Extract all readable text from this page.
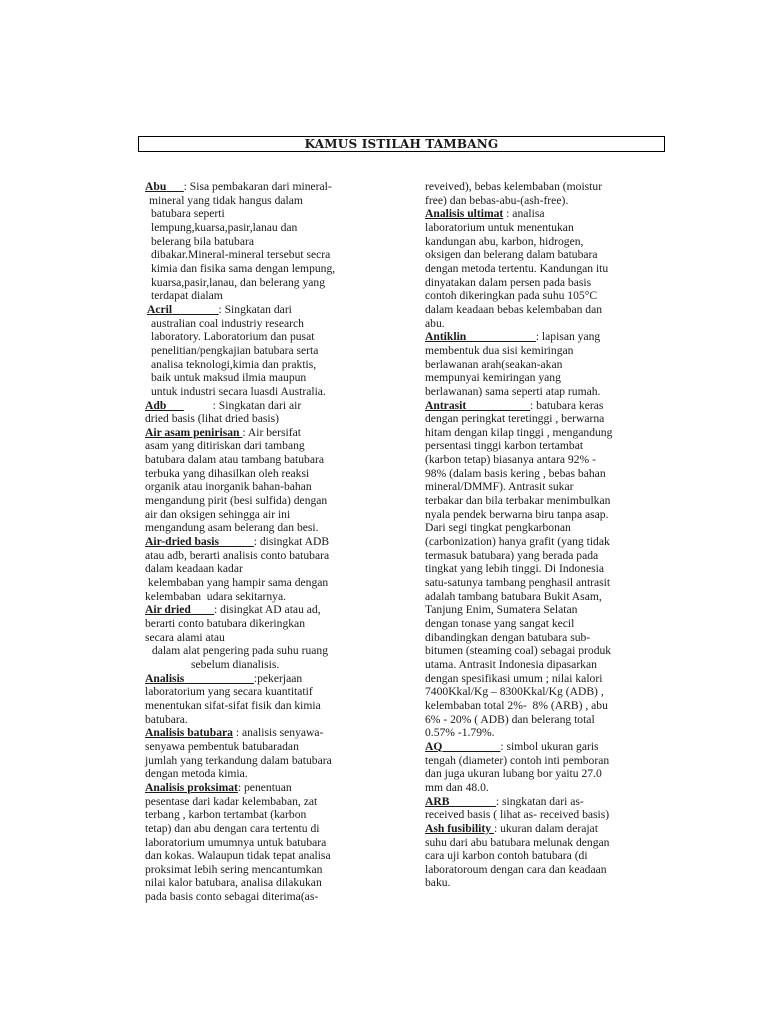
KAMUS ISTILAH TAMBANG
Abu___: Sisa pembakaran dari mineral-
mineral yang tidak hangus dalam
batubara seperti
lempung,kuarsa,pasir,lanau dan
belerang bila batubara
dibakar.Mineral-mineral tersebut secra
kimia dan fisika sama dengan lempung,
kuarsa,pasir,lanau, dan belerang yang
terdapat dialam
Acril________: Singkatan dari
australian coal industriy research
laboratory. Laboratorium dan pusat
penelitian/pengkajian batubara serta
analisa teknologi,kimia dan praktis,
baik untuk maksud ilmia maupun
untuk industri secara luasdi Australia.
Adb___          : Singkatan dari air
dried basis (lihat dried basis)
Air asam penirisan : Air bersifat
asam yang ditiriskan dari tambang
batubara dalam atau tambang batubara
terbuka yang dihasilkan oleh reaksi
organik atau inorganik bahan-bahan
mengandung pirit (besi sulfida) dengan
air dan oksigen sehingga air ini
mengandung asam belerang dan besi.
Air-dried basis______: disingkat ADB
atau adb, berarti analisis conto batubara
dalam keadaan kadar
kelembaban yang hampir sama dengan
kelembaban  udara sekitarnya.
Air dried____: disingkat AD atau ad,
berarti conto batubara dikeringkan
secara alami atau
dalam alat pengering pada suhu ruang
sebelum dianalisis.
Analisis____________:pekerjaan
laboratorium yang secara kuantitatif
menentukan sifat-sifat fisik dan kimia
batubara.
Analisis batubara : analisis senyawa-
senyawa pembentuk batubaradan
jumlah yang terkandung dalam batubara
dengan metoda kimia.
Analisis proksimat: penentuan
pesentase dari kadar kelembaban, zat
terbang , karbon tertambat (karbon
tetap) dan abu dengan cara tertentu di
laboratorium umumnya untuk batubara
dan kokas. Walaupun tidak tepat analisa
proksimat lebih sering mencantumkan
nilai kalor batubara, analisa dilakukan
pada basis conto sebagai diterima(as-
reveived), bebas kelembaban (moistur
free) dan bebas-abu-(ash-free).
Analisis ultimat : analisa
laboratorium untuk menentukan
kandungan abu, karbon, hidrogen,
oksigen dan belerang dalam batubara
dengan metoda tertentu. Kandungan itu
dinyatakan dalam persen pada basis
contoh dikeringkan pada suhu 105°C
dalam keadaan bebas kelembaban dan
abu.
Antiklin____________: lapisan yang
membentuk dua sisi kemiringan
berlawanan arah(seakan-akan
mempunyai kemiringan yang
berlawanan) sama seperti atap rumah.
Antrasit___________: batubara keras
dengan peringkat teretinggi , berwarna
hitam dengan kilap tinggi , mengandung
persentasi tinggi karbon tertambat
(karbon tetap) biasanya antara 92% -
98% (dalam basis kering , bebas bahan
mineral/DMMF). Antrasit sukar
terbakar dan bila terbakar menimbulkan
nyala pendek berwarna biru tanpa asap.
Dari segi tingkat pengkarbonan
(carbonization) hanya grafit (yang tidak
termasuk batubara) yang berada pada
tingkat yang lebih tinggi. Di Indonesia
satu-satunya tambang penghasil antrasit
adalah tambang batubara Bukit Asam,
Tanjung Enim, Sumatera Selatan
dengan tonase yang sangat kecil
dibandingkan dengan batubara sub-
bitumen (steaming coal) sebagai produk
utama. Antrasit Indonesia dipasarkan
dengan spesifikasi umum ; nilai kalori
7400Kkal/Kg – 8300Kkal/Kg (ADB) ,
kelembaban total 2%-  8% (ARB) , abu
6% - 20% ( ADB) dan belerang total
0.57% -1.79%.
AQ__________: simbol ukuran garis
tengah (diameter) contoh inti pemboran
dan juga ukuran lubang bor yaitu 27.0
mm dan 48.0.
ARB________: singkatan dari as-
received basis ( lihat as- received basis)
Ash fusibility : ukuran dalam derajat
suhu dari abu batubara melunak dengan
cara uji karbon contoh batubara (di
laboratoroum dengan cara dan keadaan
baku.
